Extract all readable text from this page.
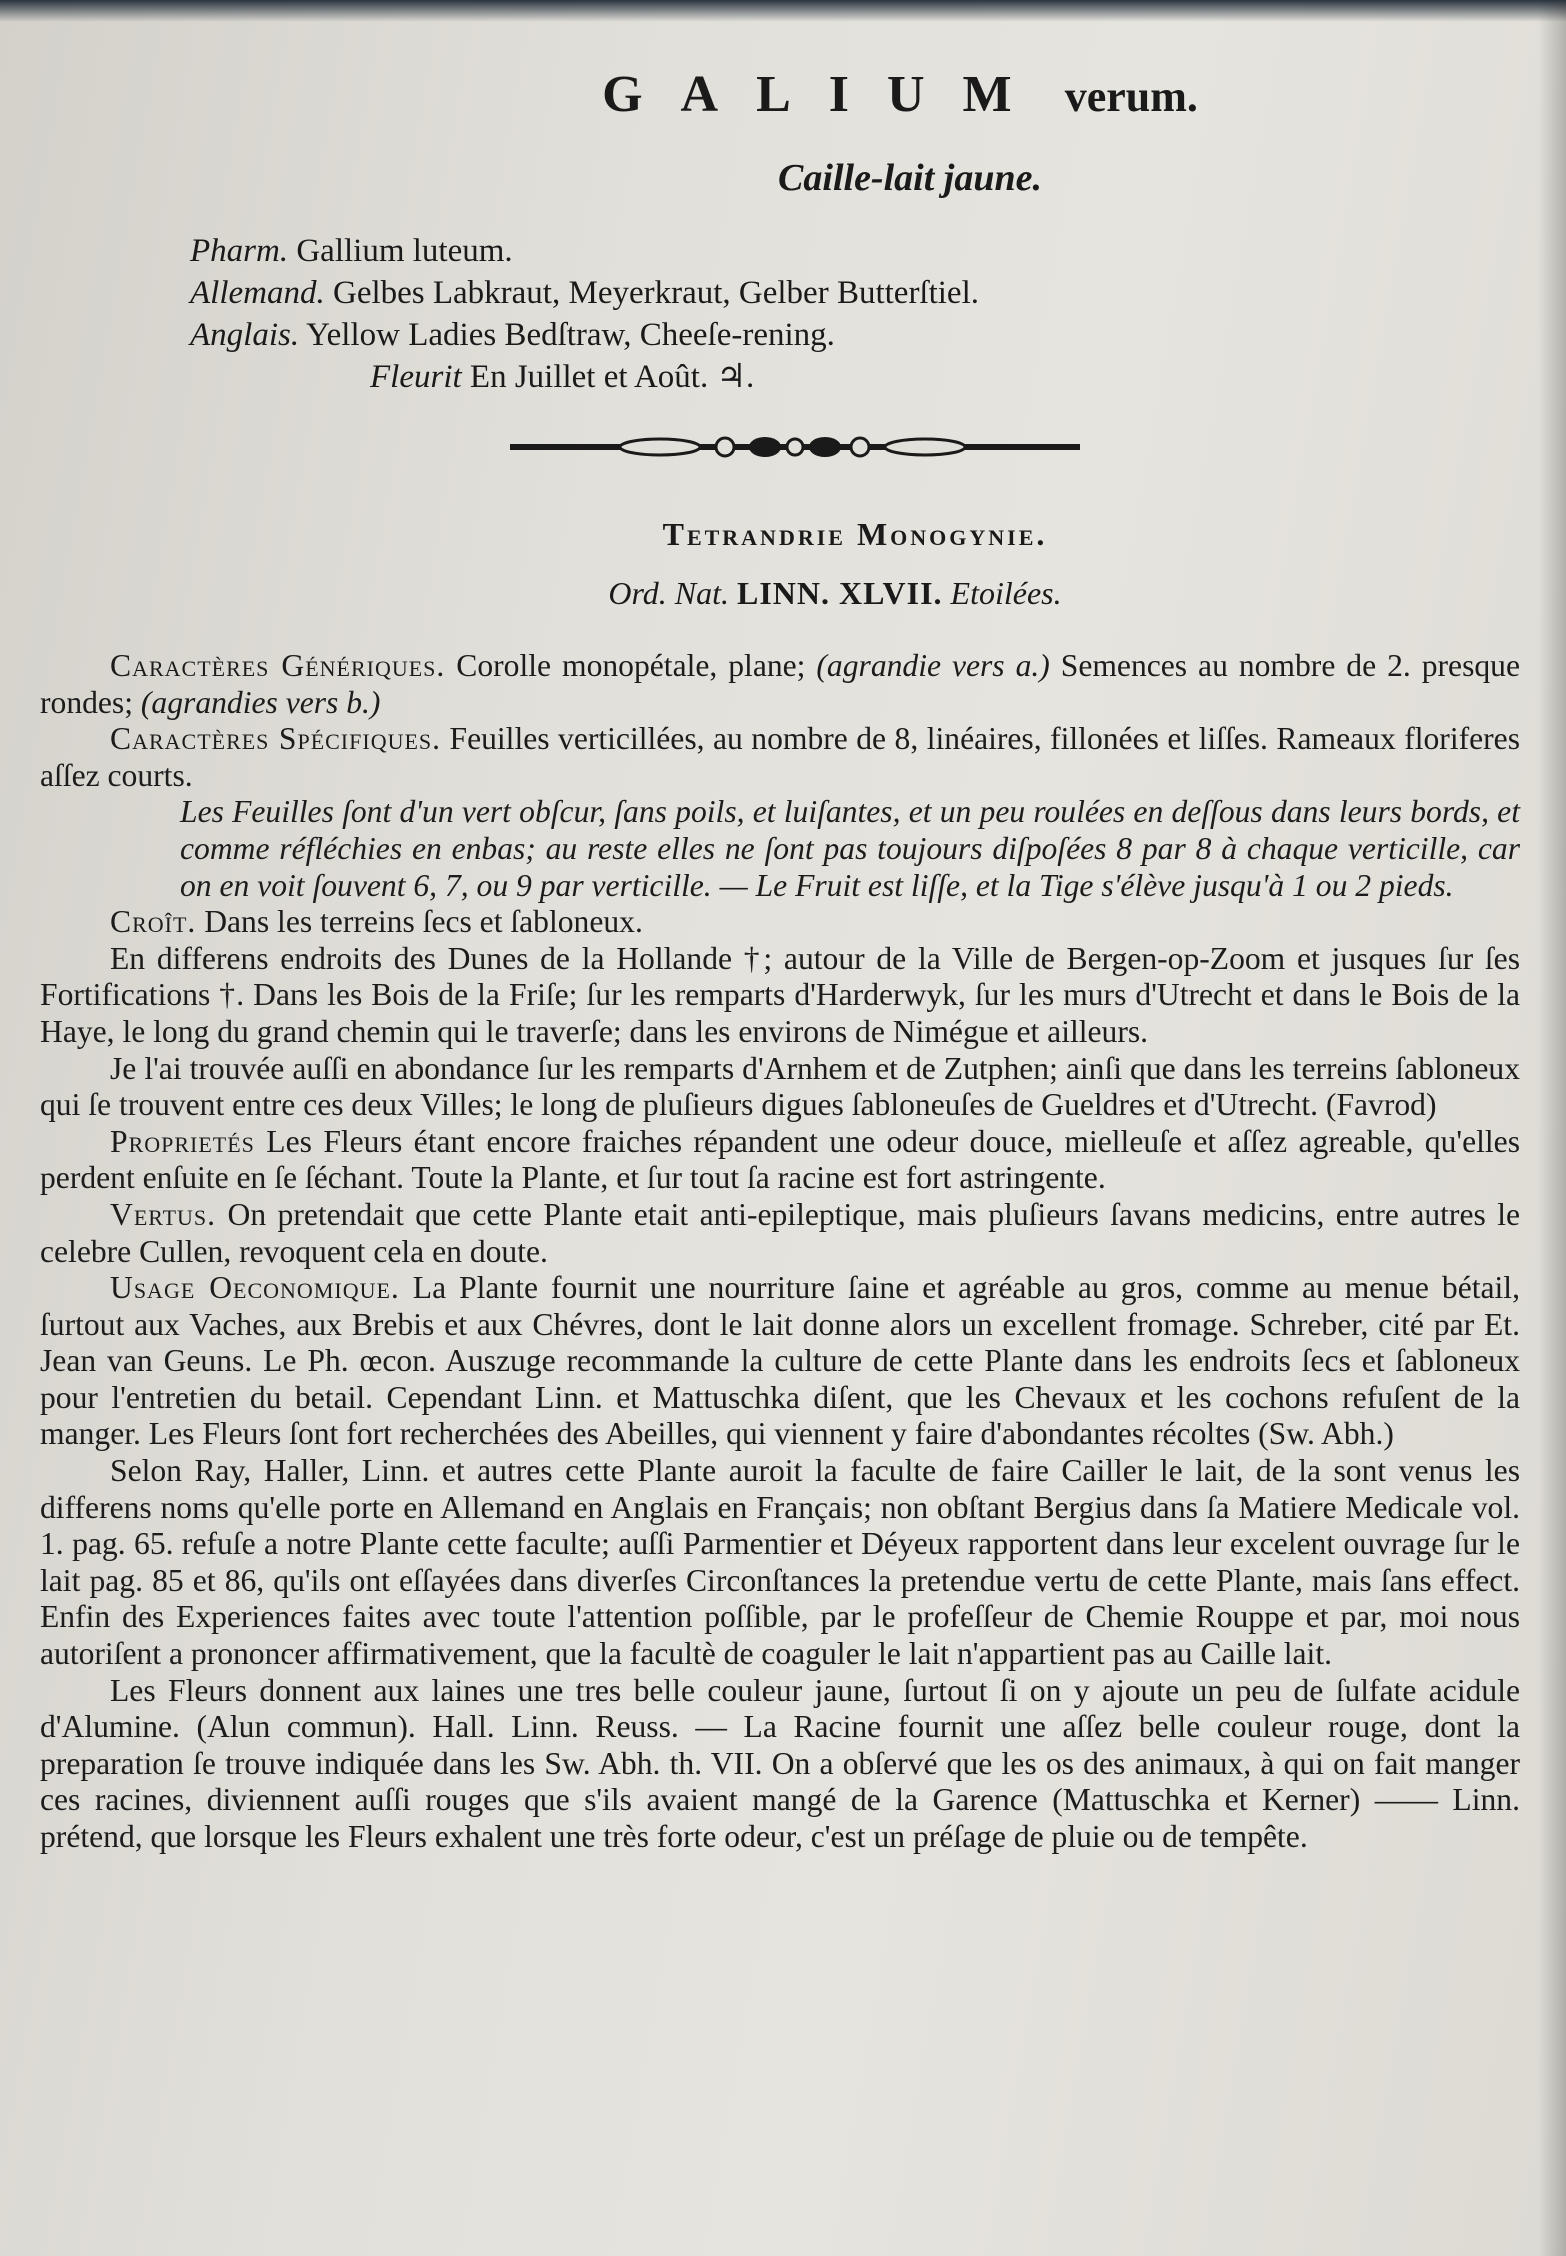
GALIUM verum.
Caille-lait jaune.
Pharm. Gallium luteum.
Allemand. Gelbes Labkraut, Meyerkraut, Gelber Butterſtiel.
Anglais. Yellow Ladies Bedſtraw, Cheeſe-rening.
Fleurit En Juillet et Août. ♃.
Tetrandrie Monogynie.
Ord. Nat. LINN. XLVII. Etoilées.

Caractères Génériques. Corolle monopétale, plane; (agrandie vers a.) Semences au nombre de 2. presque rondes; (agrandies vers b.)

Caractères Spécifiques. Feuilles verticillées, au nombre de 8, linéaires, fillonées et liſſes. Rameaux floriferes aſſez courts.

Les Feuilles ſont d'un vert obſcur, ſans poils, et luiſantes, et un peu roulées en deſſous dans leurs bords, et comme réfléchies en enbas; au reste elles ne ſont pas toujours diſpoſées 8 par 8 à chaque verticille, car on en voit ſouvent 6, 7, ou 9 par verticille. — Le Fruit est liſſe, et la Tige s'élève jusqu'à 1 ou 2 pieds.

Croît. Dans les terreins ſecs et ſabloneux.

En differens endroits des Dunes de la Hollande †; autour de la Ville de Bergen-op-Zoom et jusques ſur ſes Fortifications †. Dans les Bois de la Friſe; ſur les remparts d'Harderwyk, ſur les murs d'Utrecht et dans le Bois de la Haye, le long du grand chemin qui le traverſe; dans les environs de Nimégue et ailleurs.

Je l'ai trouvée auſſi en abondance ſur les remparts d'Arnhem et de Zutphen; ainſi que dans les terreins ſabloneux qui ſe trouvent entre ces deux Villes; le long de pluſieurs digues ſabloneuſes de Gueldres et d'Utrecht. (Favrod)

Proprietés Les Fleurs étant encore fraiches répandent une odeur douce, mielleuſe et aſſez agreable, qu'elles perdent enſuite en ſe ſéchant. Toute la Plante, et ſur tout ſa racine est fort astringente.

Vertus. On pretendait que cette Plante etait anti-epileptique, mais pluſieurs ſavans medicins, entre autres le celebre Cullen, revoquent cela en doute.

Usage Oeconomique. La Plante fournit une nourriture ſaine et agréable au gros, comme au menue bétail, ſurtout aux Vaches, aux Brebis et aux Chévres, dont le lait donne alors un excellent fromage. Schreber, cité par Et. Jean van Geuns. Le Ph. œcon. Auszuge recommande la culture de cette Plante dans les endroits ſecs et ſabloneux pour l'entretien du betail. Cependant Linn. et Mattuschka diſent, que les Chevaux et les cochons refuſent de la manger. Les Fleurs ſont fort recherchées des Abeilles, qui viennent y faire d'abondantes récoltes (Sw. Abh.)

Selon Ray, Haller, Linn. et autres cette Plante auroit la faculte de faire Cailler le lait, de la sont venus les differens noms qu'elle porte en Allemand en Anglais en Français; non obſtant Bergius dans ſa Matiere Medicale vol. 1. pag. 65. refuſe a notre Plante cette faculte; auſſi Parmentier et Déyeux rapportent dans leur excelent ouvrage ſur le lait pag. 85 et 86, qu'ils ont eſſayées dans diverſes Circonſtances la pretendue vertu de cette Plante, mais ſans effect. Enfin des Experiences faites avec toute l'attention poſſible, par le profeſſeur de Chemie Rouppe et par, moi nous autoriſent a prononcer affirmativement, que la facultè de coaguler le lait n'appartient pas au Caille lait.

Les Fleurs donnent aux laines une tres belle couleur jaune, ſurtout ſi on y ajoute un peu de ſulfate acidule d'Alumine. (Alun commun). Hall. Linn. Reuss. — La Racine fournit une aſſez belle couleur rouge, dont la preparation ſe trouve indiquée dans les Sw. Abh. th. VII. On a obſervé que les os des animaux, à qui on fait manger ces racines, diviennent auſſi rouges que s'ils avaient mangé de la Garence (Mattuschka et Kerner) —— Linn. prétend, que lorsque les Fleurs exhalent une très forte odeur, c'est un préſage de pluie ou de tempête.
